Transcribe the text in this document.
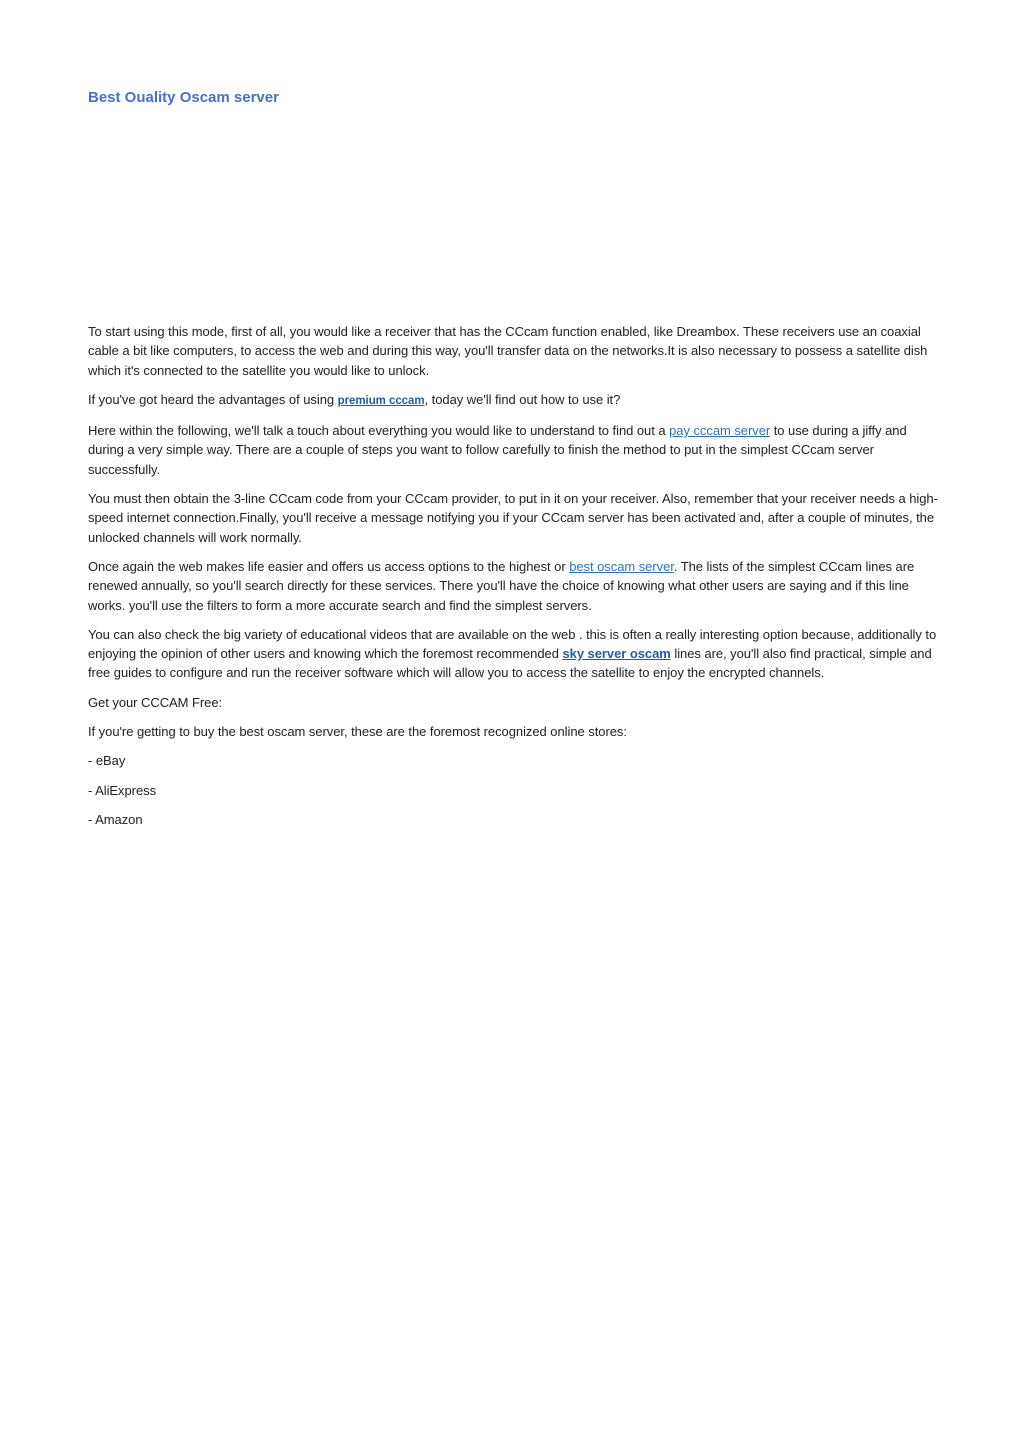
Best Ouality Oscam server

To start using this mode, first of all, you would like a receiver that has the CCcam function enabled, like Dreambox. These receivers use an coaxial cable a bit like computers, to access the web and during this way, you'll transfer data on the networks.It is also necessary to possess a satellite dish which it's connected to the satellite you would like to unlock.

If you've got heard the advantages of using premium cccam, today we'll find out how to use it?

Here within the following, we'll talk a touch about everything you would like to understand to find out a pay cccam server to use during a jiffy and during a very simple way. There are a couple of steps you want to follow carefully to finish the method to put in the simplest CCcam server successfully.

You must then obtain the 3-line CCcam code from your CCcam provider, to put in it on your receiver. Also, remember that your receiver needs a high-speed internet connection.Finally, you'll receive a message notifying you if your CCcam server has been activated and, after a couple of minutes, the unlocked channels will work normally.

Once again the web makes life easier and offers us access options to the highest or best oscam server. The lists of the simplest CCcam lines are renewed annually, so you'll search directly for these services. There you'll have the choice of knowing what other users are saying and if this line works. you'll use the filters to form a more accurate search and find the simplest servers.

You can also check the big variety of educational videos that are available on the web . this is often a really interesting option because, additionally to enjoying the opinion of other users and knowing which the foremost recommended sky server oscam lines are, you'll also find practical, simple and free guides to configure and run the receiver software which will allow you to access the satellite to enjoy the encrypted channels.

Get your CCCAM Free:

If you're getting to buy the best oscam server, these are the foremost recognized online stores:

- eBay

- AliExpress

- Amazon
